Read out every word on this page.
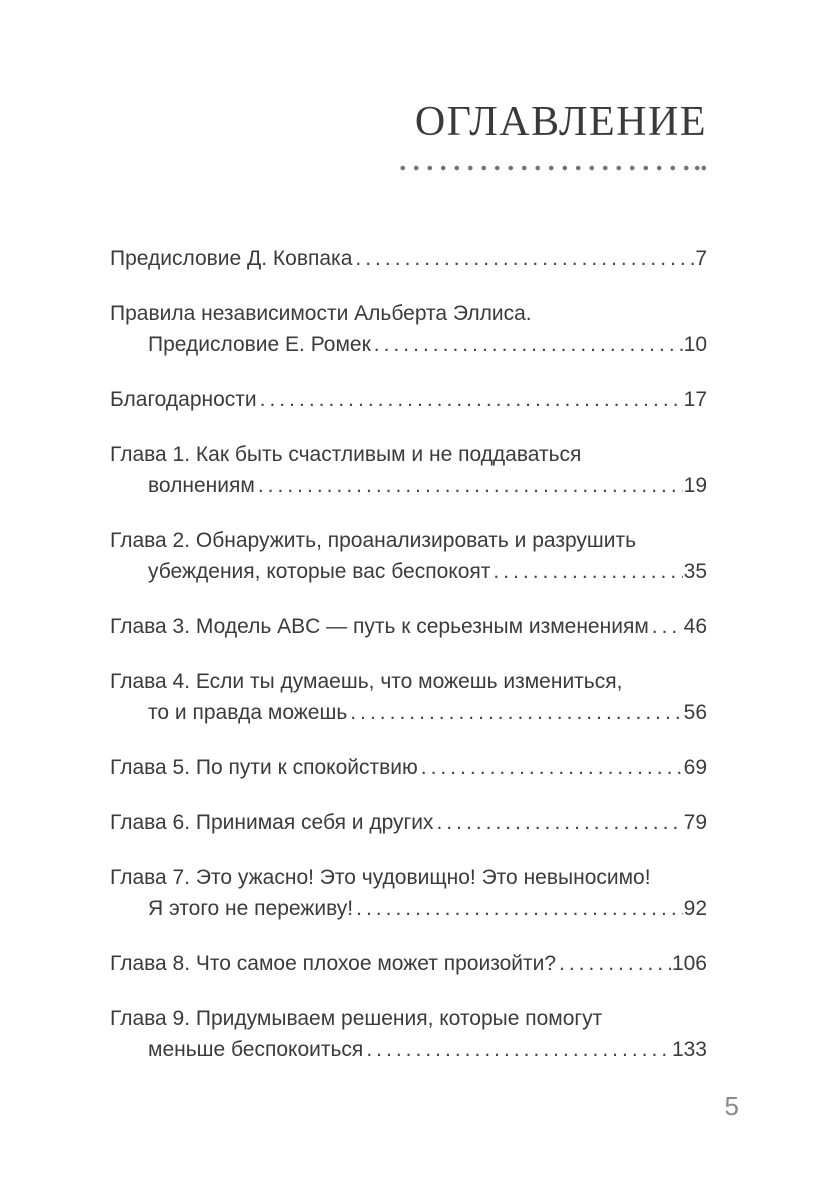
ОГЛАВЛЕНИЕ
Предисловие Д. Ковпака .....	7
Правила независимости Альберта Эллиса.
Предисловие Е. Ромек .....	10
Благодарности .....	17
Глава 1. Как быть счастливым и не поддаваться
волнениям .....	19
Глава 2. Обнаружить, проанализировать и разрушить
убеждения, которые вас беспокоят .....	35
Глава 3. Модель ABC — путь к серьезным изменениям ..... 46
Глава 4. Если ты думаешь, что можешь измениться,
то и правда можешь .....	56
Глава 5. По пути к спокойствию .....	69
Глава 6. Принимая себя и других .....	79
Глава 7. Это ужасно! Это чудовищно! Это невыносимо!
Я этого не переживу! .....	92
Глава 8. Что самое плохое может произойти? .....	106
Глава 9. Придумываем решения, которые помогут
меньше беспокоиться .....	133
5
